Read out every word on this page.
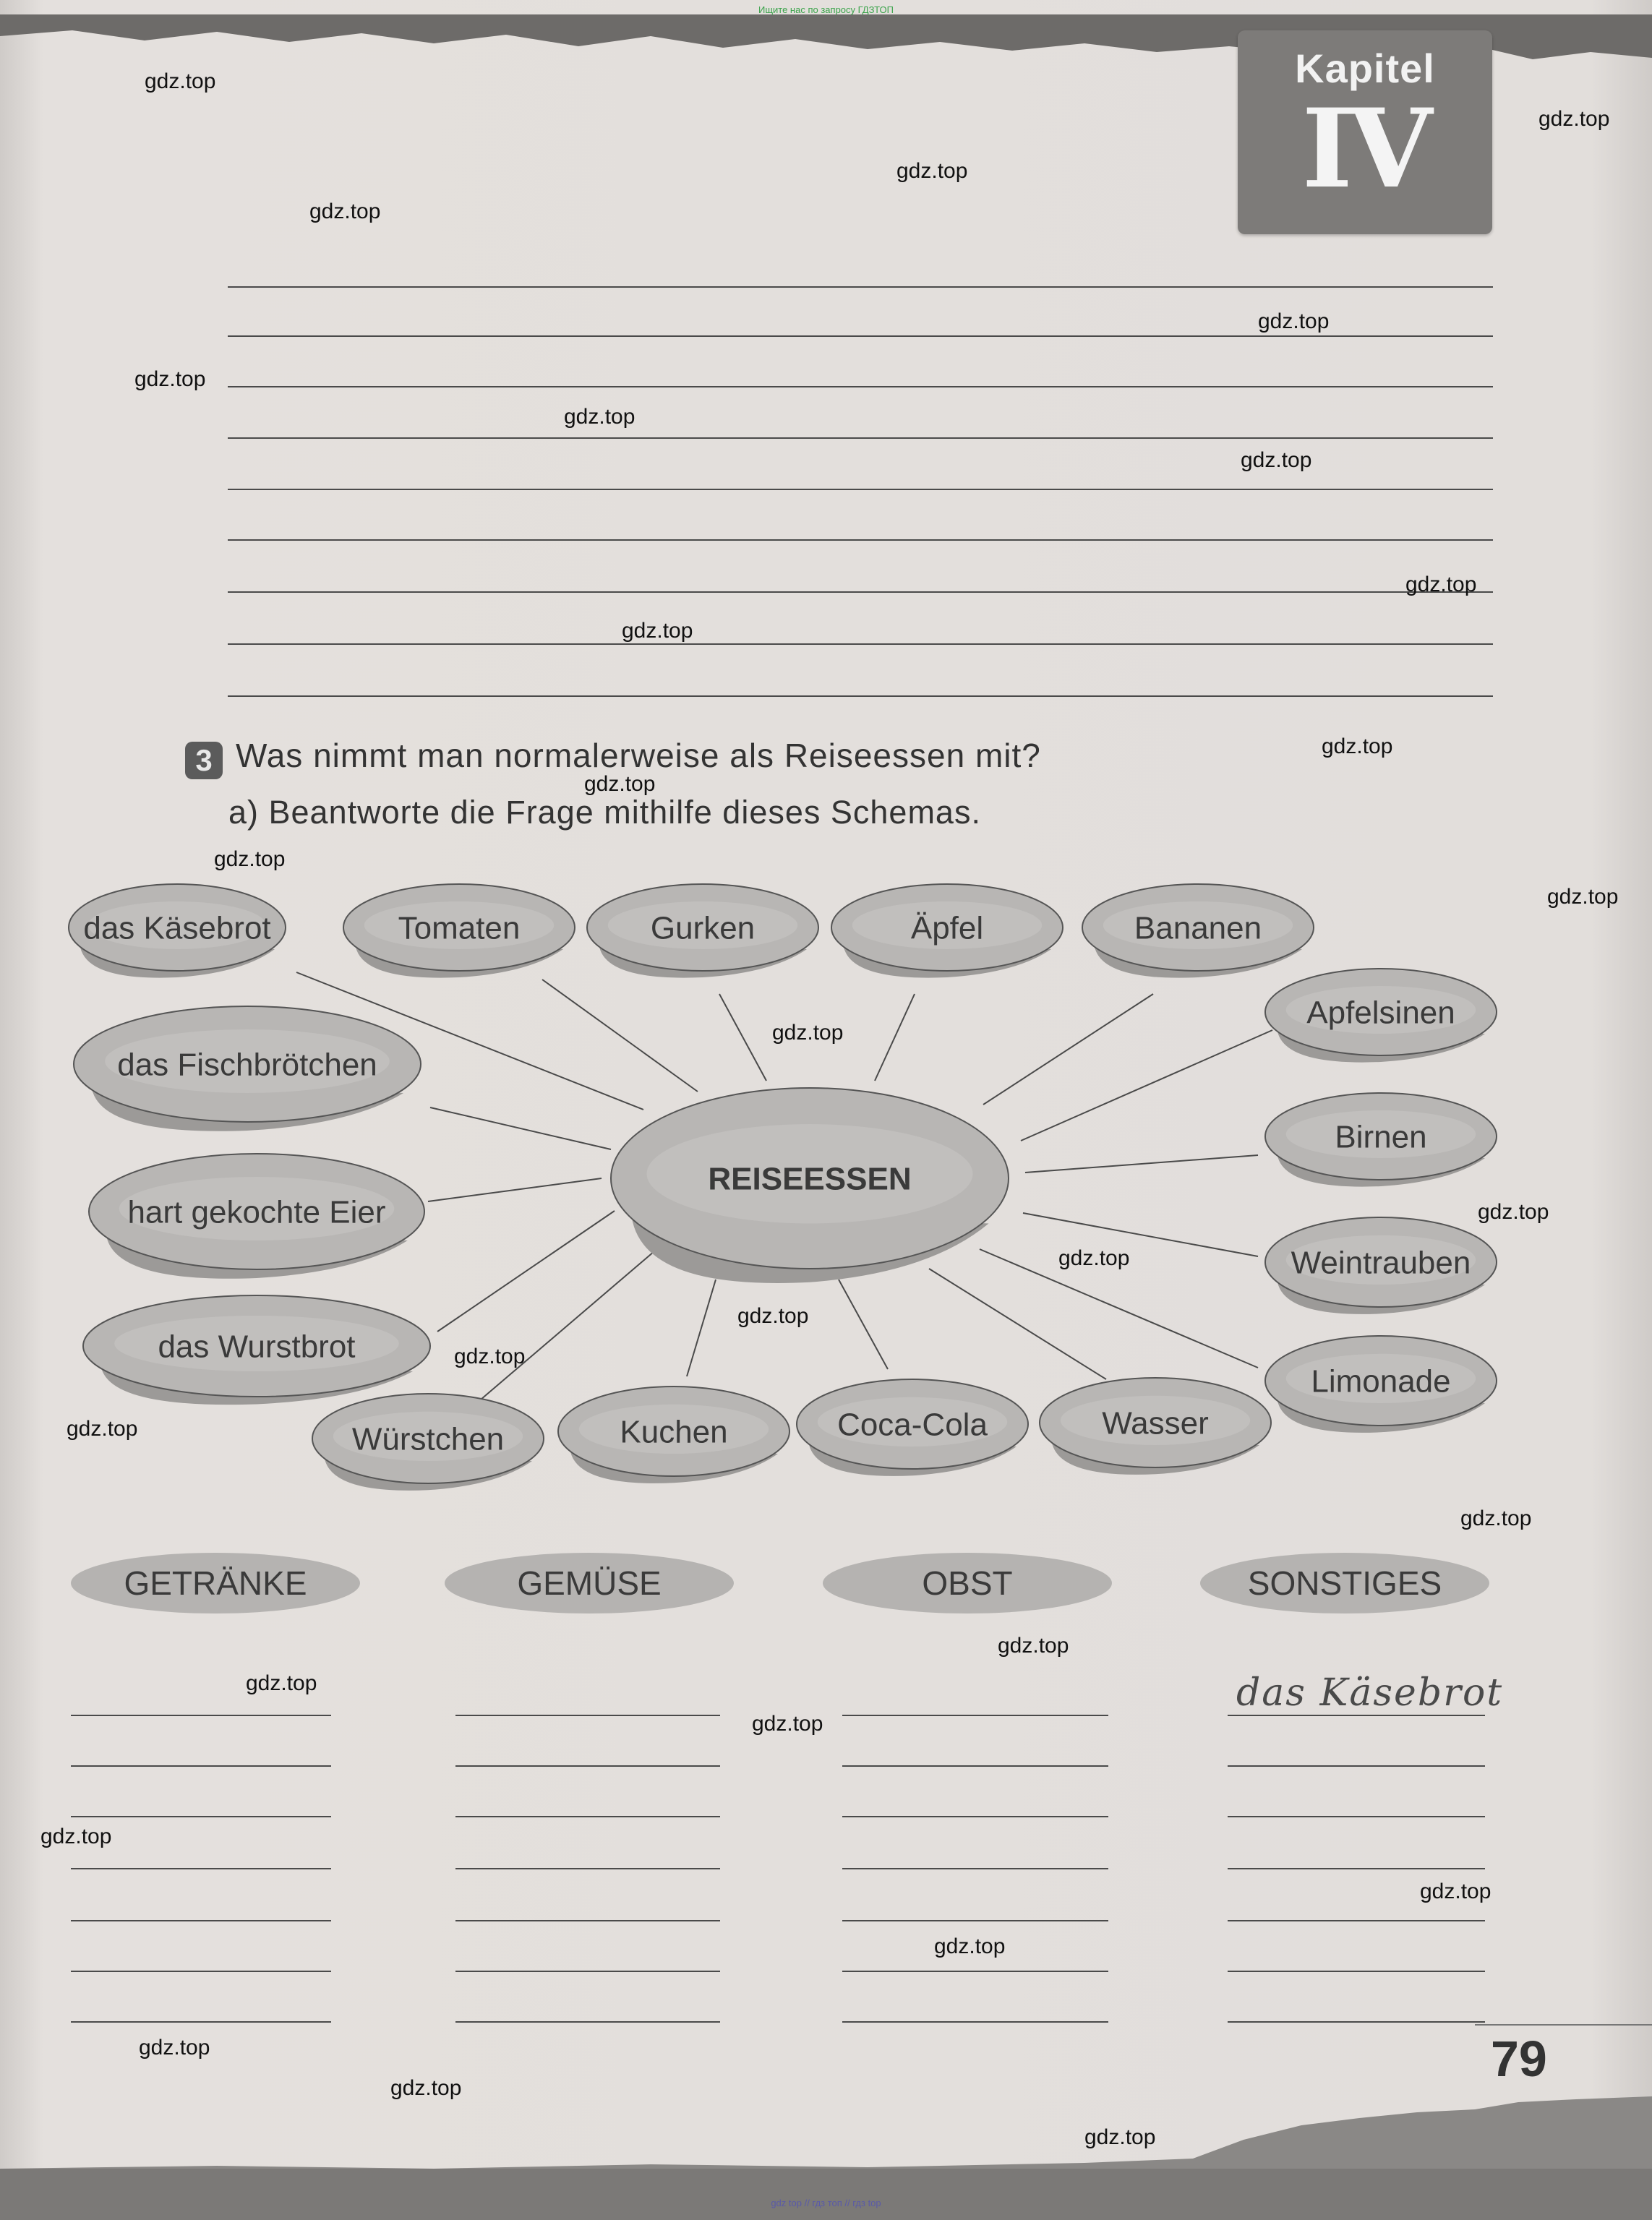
Ищите нас по запросу ГДЗТОП
Kapitel
IV
3 Was nimmt man normalerweise als Reiseessen mit?
a) Beantworte die Frage mithilfe dieses Schemas.
das Käsebrot	Tomaten	Gurken	Äpfel	Bananen
Apfelsinen
das Fischbrötchen
Birnen
hart gekochte Eier
Weintrauben
das Wurstbrot
Limonade
Würstchen	Kuchen	Coca-Cola	Wasser
REISEESSEN
GETRÄNKE	GEMÜSE	OBST	SONSTIGES
das Käsebrot
79
gdz top // гдз топ // гдз top
gdz.top
gdz.top
gdz.top
gdz.top
gdz.top
gdz.top
gdz.top
gdz.top
gdz.top
gdz.top
gdz.top
gdz.top
gdz.top
gdz.top
gdz.top
gdz.top
gdz.top
gdz.top
gdz.top
gdz.top
gdz.top
gdz.top
gdz.top
gdz.top
gdz.top
gdz.top
gdz.top
gdz.top
gdz.top
gdz.top
